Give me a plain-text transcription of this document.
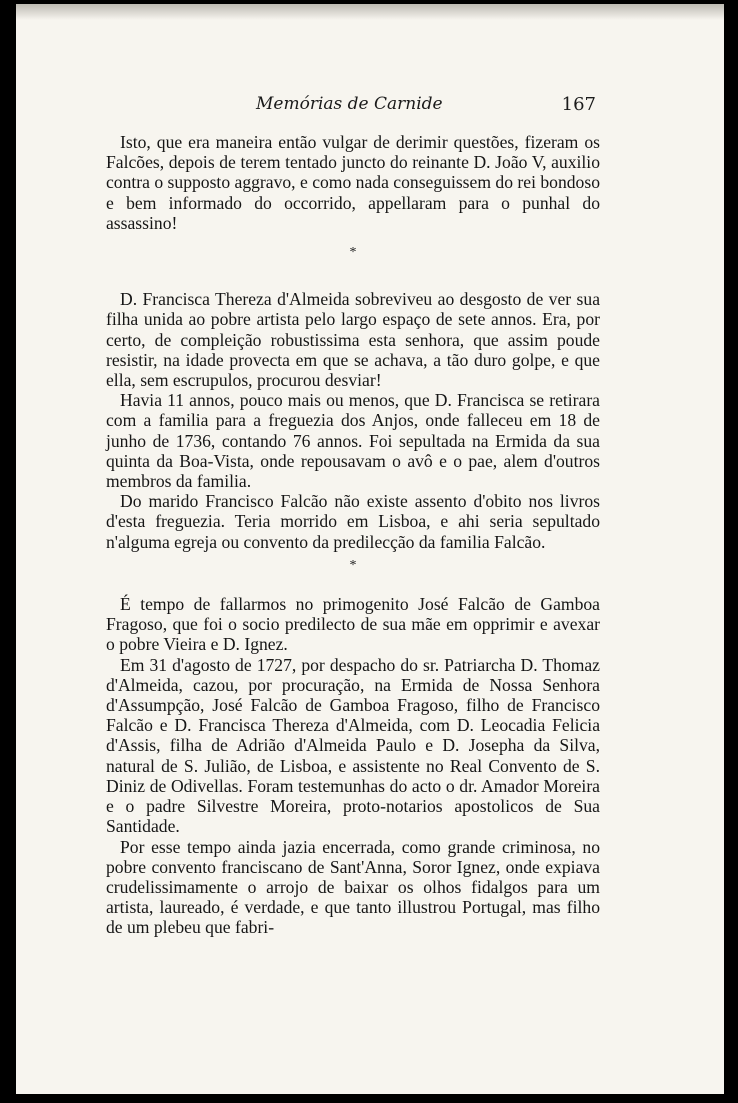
Memórias de Carnide	167

Isto, que era maneira então vulgar de derimir questões, fizeram os Falcões, depois de terem tentado juncto do reinante D. João V, auxilio contra o supposto aggravo, e como nada conseguissem do rei bondoso e bem informado do occorrido, appellaram para o punhal do assassino!

*

D. Francisca Thereza d'Almeida sobreviveu ao desgosto de ver sua filha unida ao pobre artista pelo largo espaço de sete annos. Era, por certo, de compleição robustissima esta senhora, que assim poude resistir, na idade provecta em que se achava, a tão duro golpe, e que ella, sem escrupulos, procurou desviar!

Havia 11 annos, pouco mais ou menos, que D. Francisca se retirara com a familia para a freguezia dos Anjos, onde falleceu em 18 de junho de 1736, contando 76 annos. Foi sepultada na Ermida da sua quinta da Boa-Vista, onde repousavam o avô e o pae, alem d'outros membros da familia.

Do marido Francisco Falcão não existe assento d'obito nos livros d'esta freguezia. Teria morrido em Lisboa, e ahi seria sepultado n'alguma egreja ou convento da predilecção da familia Falcão.

*

É tempo de fallarmos no primogenito José Falcão de Gamboa Fragoso, que foi o socio predilecto de sua mãe em opprimir e avexar o pobre Vieira e D. Ignez.

Em 31 d'agosto de 1727, por despacho do sr. Patriarcha D. Thomaz d'Almeida, cazou, por procuração, na Ermida de Nossa Senhora d'Assumpção, José Falcão de Gamboa Fragoso, filho de Francisco Falcão e D. Francisca Thereza d'Almeida, com D. Leocadia Felicia d'Assis, filha de Adrião d'Almeida Paulo e D. Josepha da Silva, natural de S. Julião, de Lisboa, e assistente no Real Convento de S. Diniz de Odivellas. Foram testemunhas do acto o dr. Amador Moreira e o padre Silvestre Moreira, proto-notarios apostolicos de Sua Santidade.

Por esse tempo ainda jazia encerrada, como grande criminosa, no pobre convento franciscano de Sant'Anna, Soror Ignez, onde expiava crudelissimamente o arrojo de baixar os olhos fidalgos para um artista, laureado, é verdade, e que tanto illustrou Portugal, mas filho de um plebeu que fabri-
